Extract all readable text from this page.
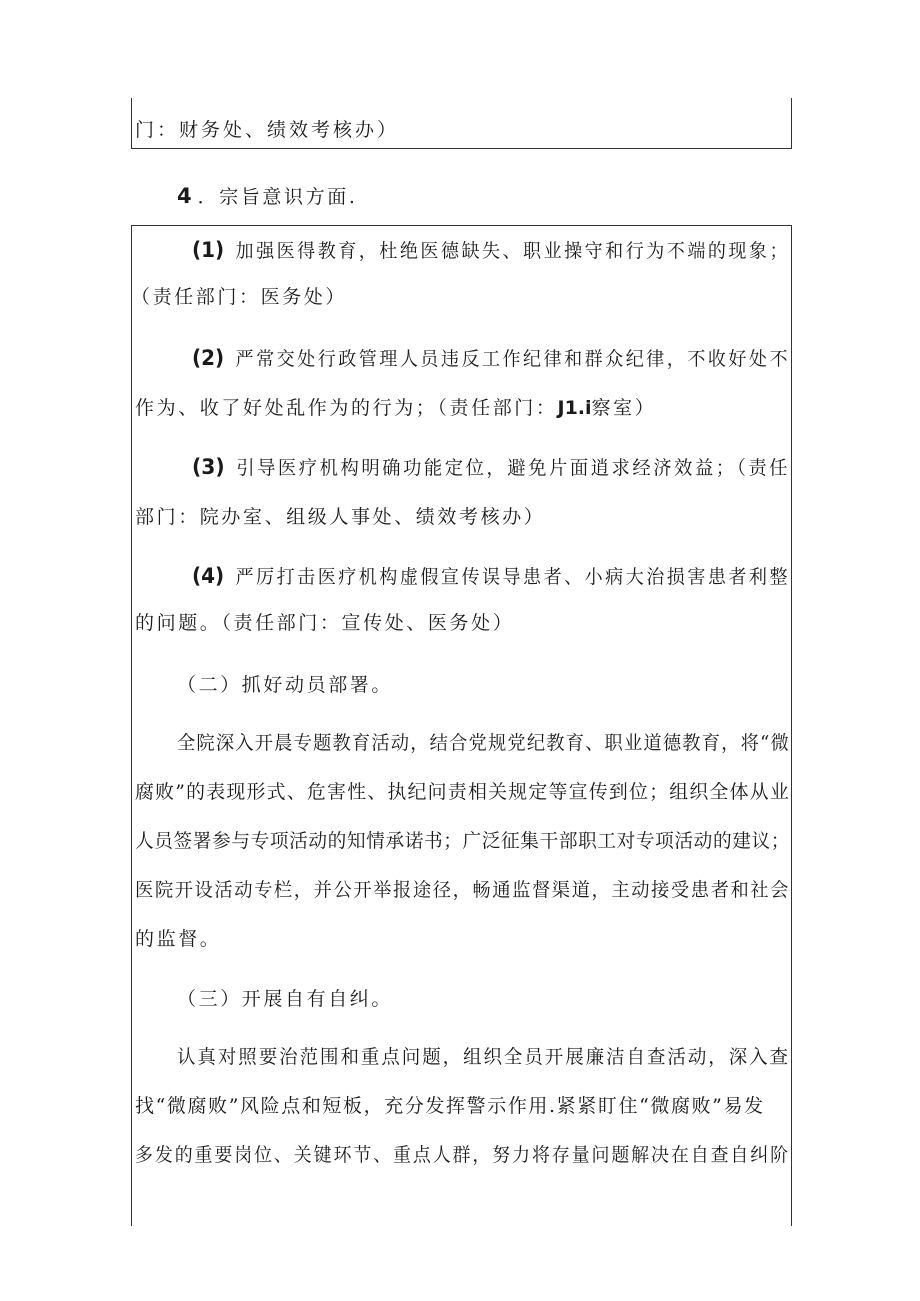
门：财务处、绩效考核办）
4 ．宗旨意识方面.
(1) 加强医得教育，杜绝医德缺失、职业操守和行为不端的现象；
（责任部门：医务处）
(2) 严常交处行政管理人员违反工作纪律和群众纪律，不收好处不
作为、收了好处乱作为的行为；（责任部门：J1.i察室）
(3) 引导医疗机构明确功能定位，避免片面逍求经济效益；（责任
部门：院办室、组级人事处、绩效考核办）
(4) 严厉打击医疗机构虚假宣传误导患者、小病大治损害患者利整
的问题。（责任部门：宣传处、医务处）
（二）抓好动员部署。
全院深入开晨专题教育活动，结合党规党纪教育、职业道德教育，将“微
腐败”的表现形式、危害性、执纪问责相关规定等宣传到位；组织全体从业
人员签署参与专项活动的知情承诺书；广泛征集干部职工对专项活动的建议；
医院开设活动专栏，并公开举报途径，畅通监督渠道，主动接受患者和社会
的监督。
（三）开展自有自纠。
认真对照要治范围和重点问题，组织全员开展廉洁自查活动，深入查
找“微腐败”风险点和短板，充分发挥警示作用.紧紧盯住“微腐败”易发
多发的重要岗位、关键环节、重点人群，努力将存量问题解决在自查自纠阶
